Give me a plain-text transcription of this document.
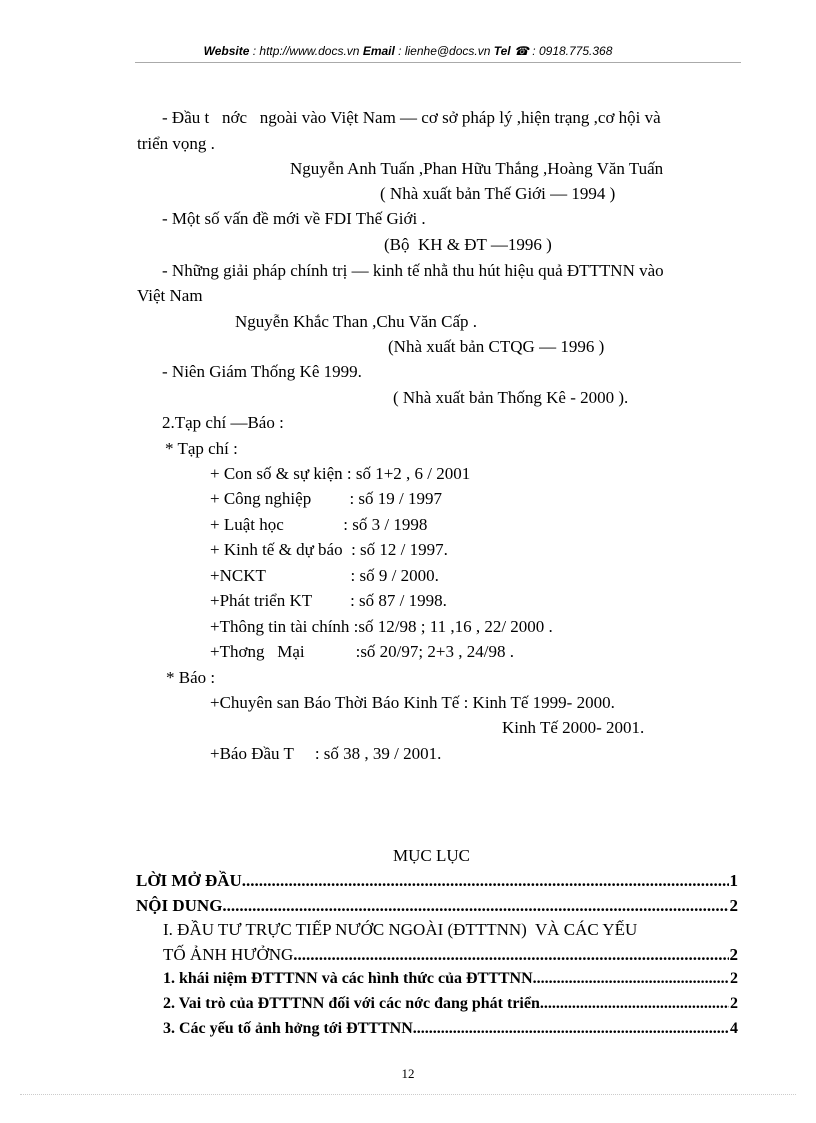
Website : http://www.docs.vn Email : lienhe@docs.vn Tel ☎ : 0918.775.368
- Đầu t   nớc   ngoài vào Việt Nam — cơ sở pháp lý ,hiện trạng ,cơ hội và
triển vọng .
Nguyễn Anh Tuấn ,Phan Hữu Thắng ,Hoàng Văn Tuấn
( Nhà xuất bản Thế Giới — 1994 )
- Một số vấn đề mới về FDI Thế Giới .
(Bộ  KH & ĐT —1996 )
- Những giải pháp chính trị — kinh tế nhằ thu hút hiệu quả ĐTTTNN vào
Việt Nam
Nguyễn Khắc Than ,Chu Văn Cấp .
(Nhà xuất bản CTQG — 1996 )
- Niên Giám Thống Kê 1999.
( Nhà xuất bản Thống Kê - 2000 ).
2.Tạp chí —Báo :
* Tạp chí :
+ Con số & sự kiện : số 1+2 , 6 / 2001
+ Công nghiệp         : số 19 / 1997
+ Luật học              : số 3 / 1998
+ Kinh tế & dự báo  : số 12 / 1997.
+NCKT                    : số 9 / 2000.
+Phát triển KT         : số 87 / 1998.
+Thông tin tài chính :số 12/98 ; 11 ,16 , 22/ 2000 .
+Thơng   Mại            :số 20/97; 2+3 , 24/98 .
* Báo :
+Chuyên san Báo Thời Báo Kinh Tế : Kinh Tế 1999- 2000.
Kinh Tế 2000- 2001.
+Báo Đầu T     : số 38 , 39 / 2001.
MỤC LỤC
LỜI MỞ ĐẦU .....	1
NỘI DUNG .....	2
I. ĐẦU TƯ TRỰC TIẾP NƯỚC NGOÀI (ĐTTTNN)  VÀ CÁC YẾU
TỐ ẢNH HƯỞNG .....	2
1. khái niệm ĐTTTNN và các hình thức của ĐTTTNN .....	2
2. Vai trò của ĐTTTNN đối với các nớc đang phát triển .....	2
3. Các yếu tố ảnh hởng tới ĐTTTNN .....	4
12
